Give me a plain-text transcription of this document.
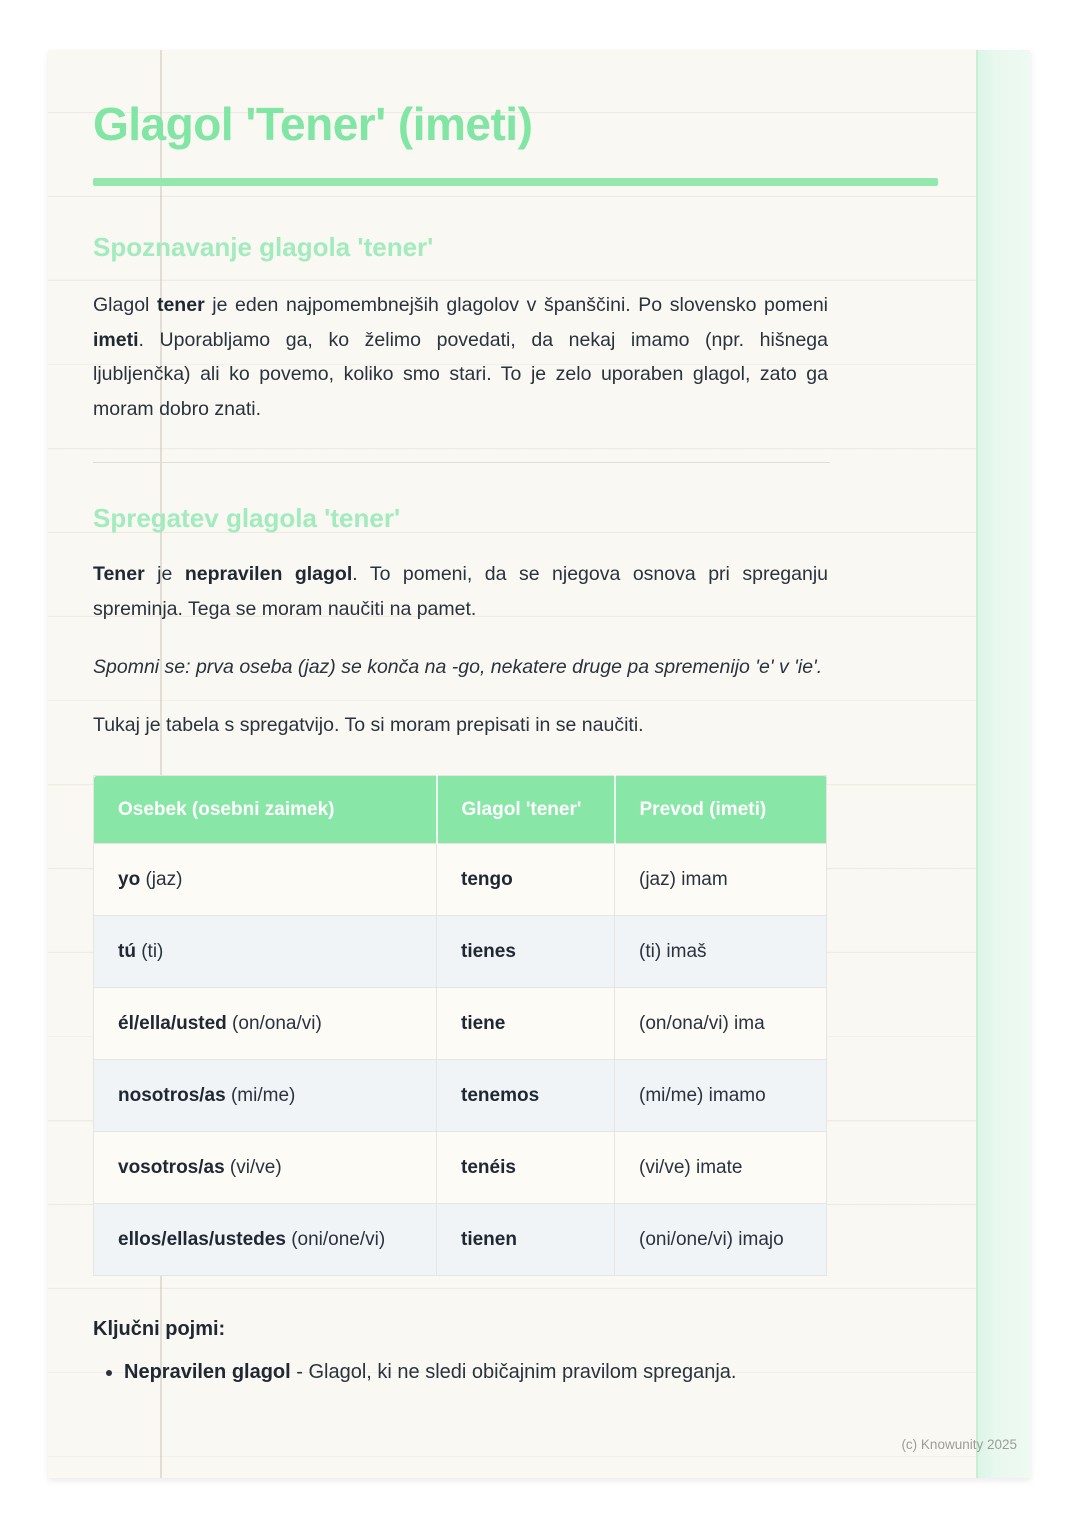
Glagol 'Tener' (imeti)
Spoznavanje glagola 'tener'

Glagol tener je eden najpomembnejših glagolov v španščini. Po slovensko pomeni imeti. Uporabljamo ga, ko želimo povedati, da nekaj imamo (npr. hišnega ljubljenčka) ali ko povemo, koliko smo stari. To je zelo uporaben glagol, zato ga moram dobro znati.

Spregatev glagola 'tener'

Tener je nepravilen glagol. To pomeni, da se njegova osnova pri spreganju spreminja. Tega se moram naučiti na pamet.

Spomni se: prva oseba (jaz) se konča na -go, nekatere druge pa spremenijo 'e' v 'ie'.

Tukaj je tabela s spregatvijo. To si moram prepisati in se naučiti.

Osebek (osebni zaimek)	Glagol 'tener'	Prevod (imeti)
yo (jaz)	tengo	(jaz) imam
tú (ti)	tienes	(ti) imaš
él/ella/usted (on/ona/vi)	tiene	(on/ona/vi) ima
nosotros/as (mi/me)	tenemos	(mi/me) imamo
vosotros/as (vi/ve)	tenéis	(vi/ve) imate
ellos/ellas/ustedes (oni/one/vi)	tienen	(oni/one/vi) imajo

Ključni pojmi:

• Nepravilen glagol - Glagol, ki ne sledi običajnim pravilom spreganja.
(c) Knowunity 2025
